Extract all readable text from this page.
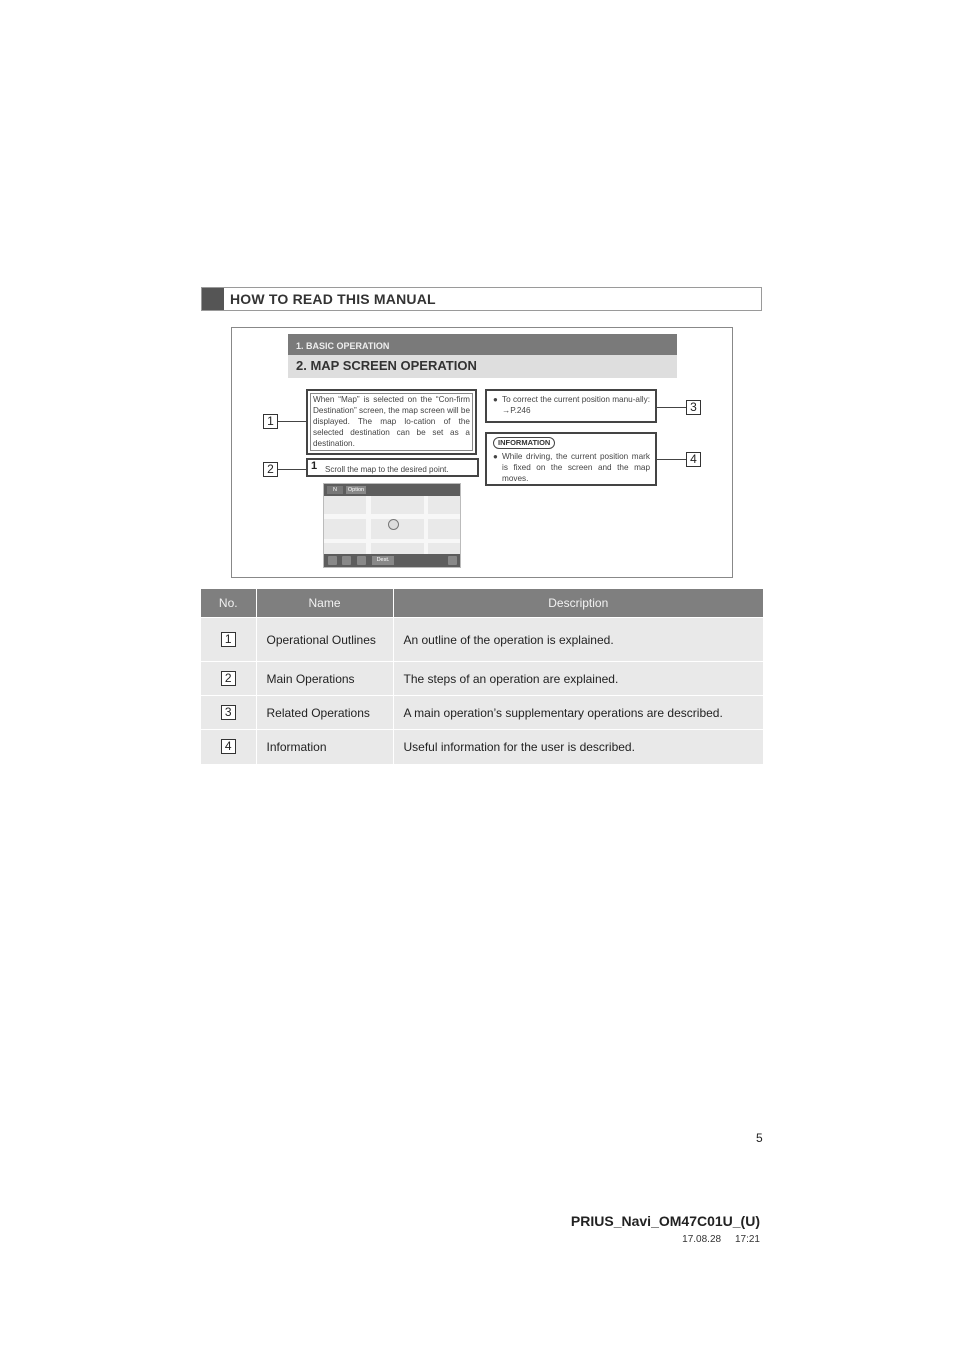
HOW TO READ THIS MANUAL
1. BASIC OPERATION
2. MAP SCREEN OPERATION
1
2
3
4

When “Map” is selected on the “Con-firm Destination” screen, the map screen will be displayed. The map lo-cation of the selected destination can be set as a destination.

1 Scroll the map to the desired point.
● To correct the current position manu-ally: →P.246
INFORMATION
● While driving, the current position mark is fixed on the screen and the map moves.
N	Option
Dest.
No.	Name	Description
1	Operational Outlines	An outline of the operation is explained.
2	Main Operations	The steps of an operation are explained.
3	Related Operations	A main operation’s supplementary operations are described.
4	Information	Useful information for the user is described.
5
PRIUS_Navi_OM47C01U_(U)
17.08.28     17:21
